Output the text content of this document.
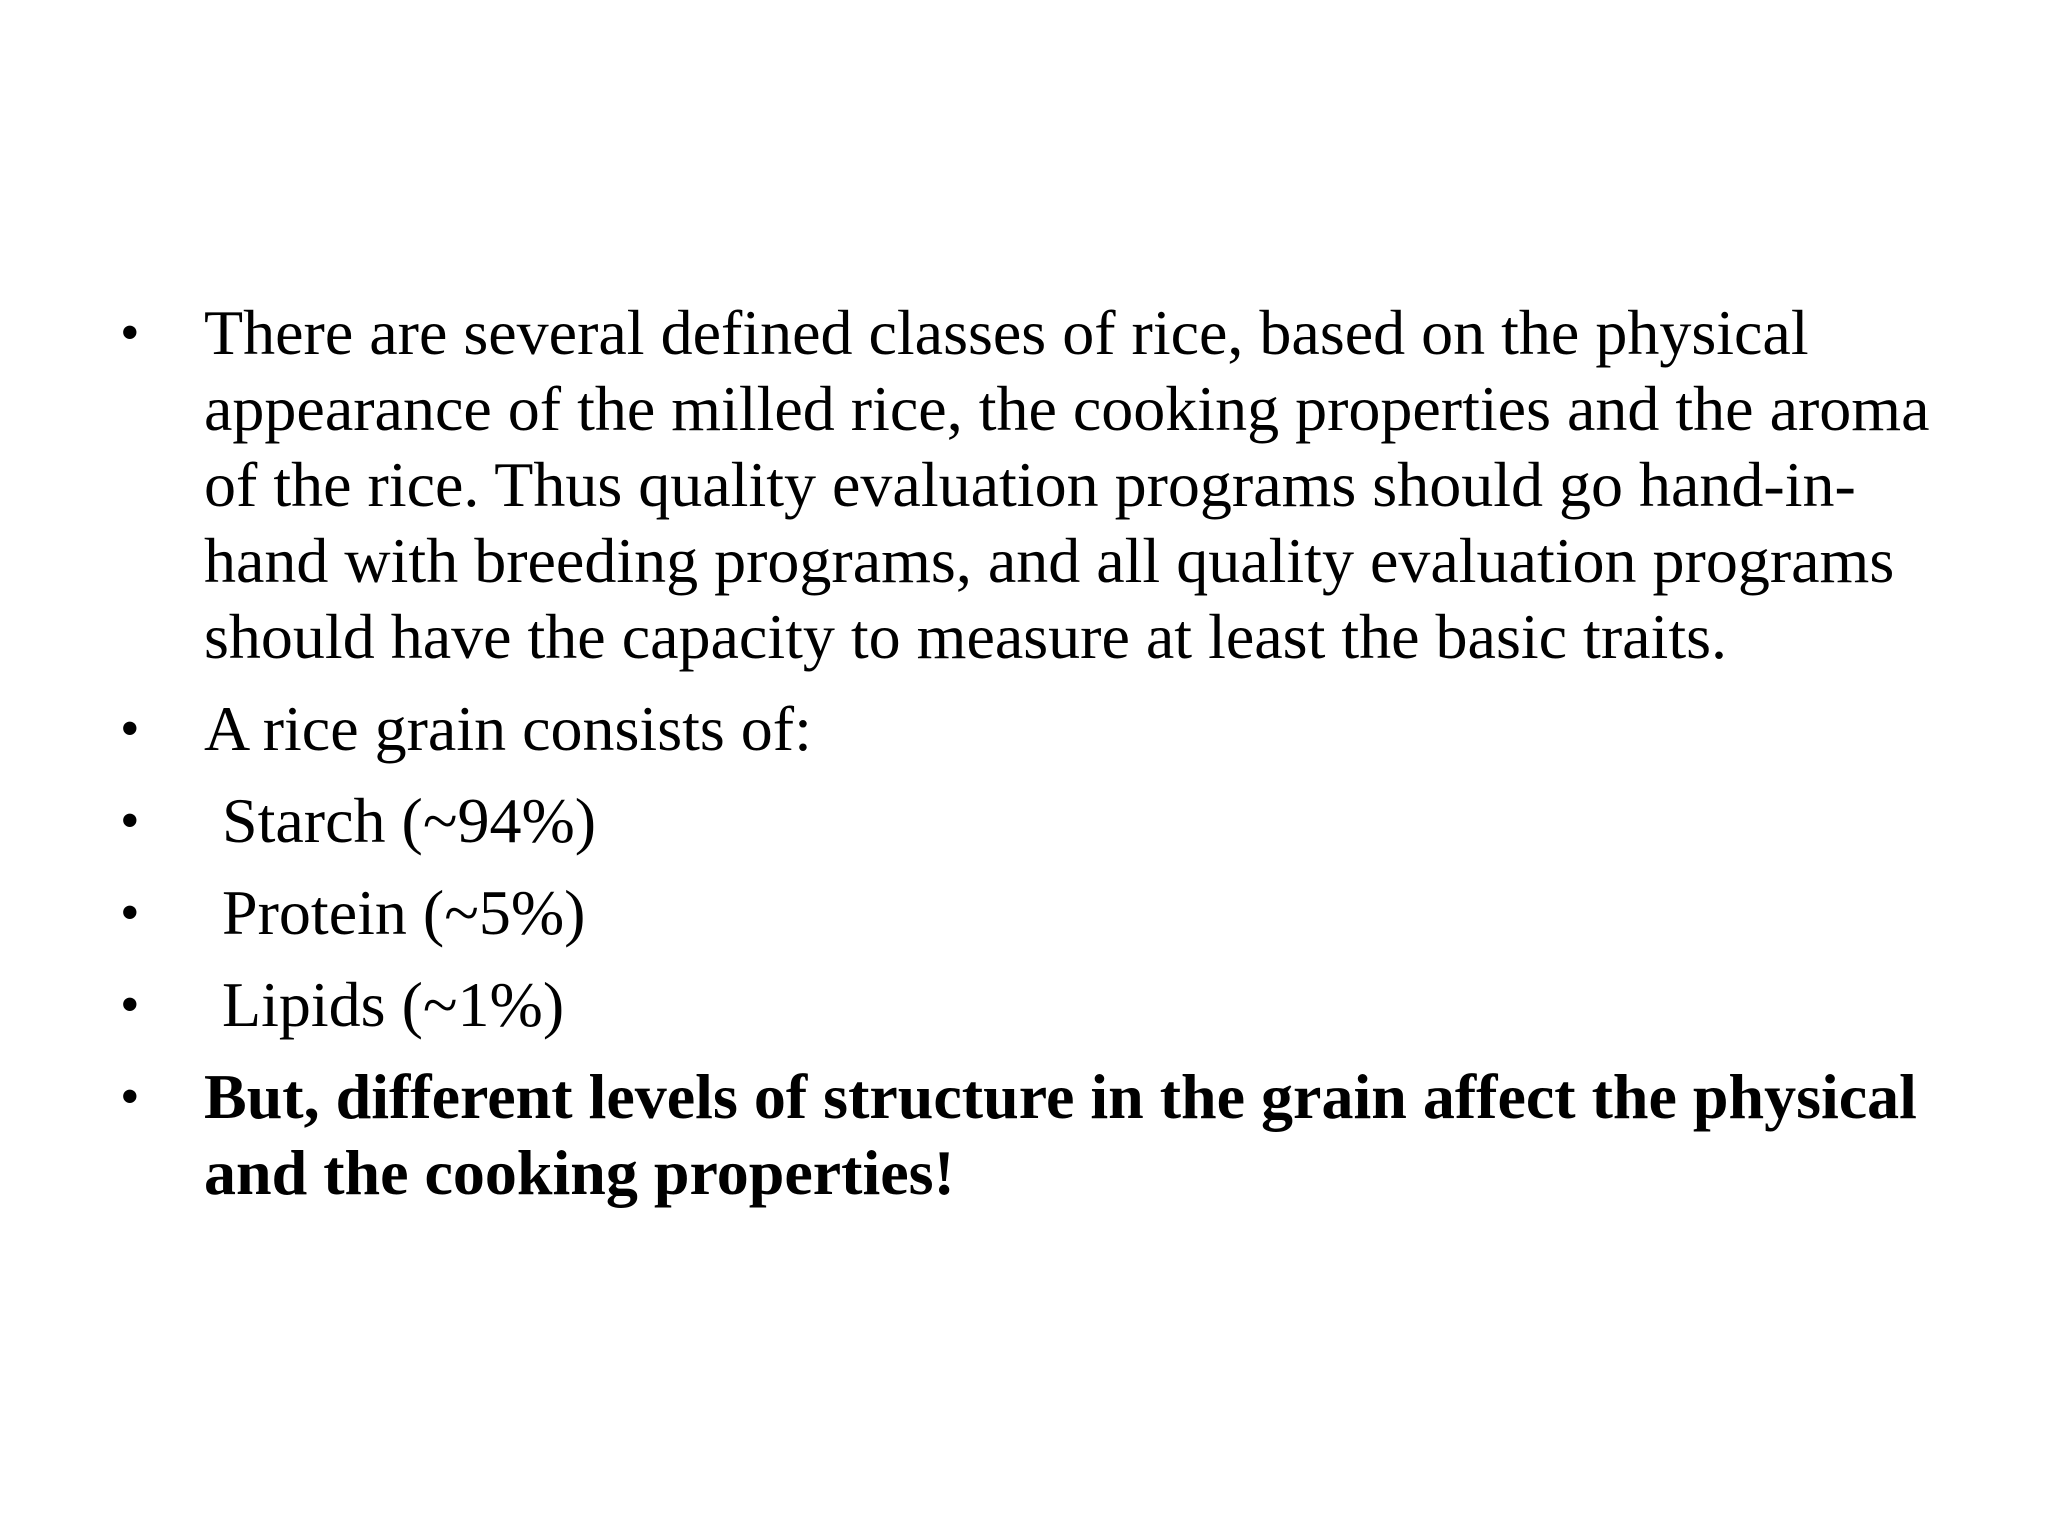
•	There are several defined classes of rice, based on the physical appearance of the milled rice, the cooking properties and the aroma of the rice. Thus quality evaluation programs should go hand-in-hand with breeding programs, and all quality evaluation programs should have the capacity to measure at least the basic traits.
•	A rice grain consists of:
•	Starch (~94%)
•	Protein (~5%)
•	Lipids (~1%)
•	But, different levels of structure in the grain affect the physical and the cooking properties!
